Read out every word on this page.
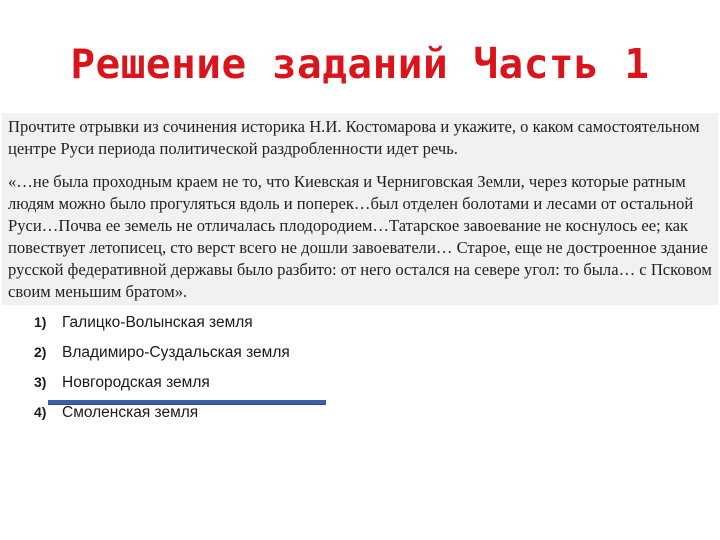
Решение заданий Часть 1

Прочтите отрывки из сочинения историка Н.И. Костомарова и укажите, о каком самостоятельном центре Руси периода политической раздробленности идет речь.

«…не была проходным краем не то, что Киевская и Черниговская Земли, через которые ратным людям можно было прогуляться вдоль и поперек…был отделен болотами и лесами от остальной Руси…Почва ее земель не отличалась плодородием…Татарское завоевание не коснулось ее; как повествует летописец, сто верст всего не дошли завоеватели… Старое, еще не достроенное здание русской федеративной державы было разбито: от него остался на севере угол: то была… с Псковом своим меньшим братом».

1)	Галицко-Волынская земля
2)	Владимиро-Суздальская земля
3)	Новгородская земля
4)	Смоленская земля
